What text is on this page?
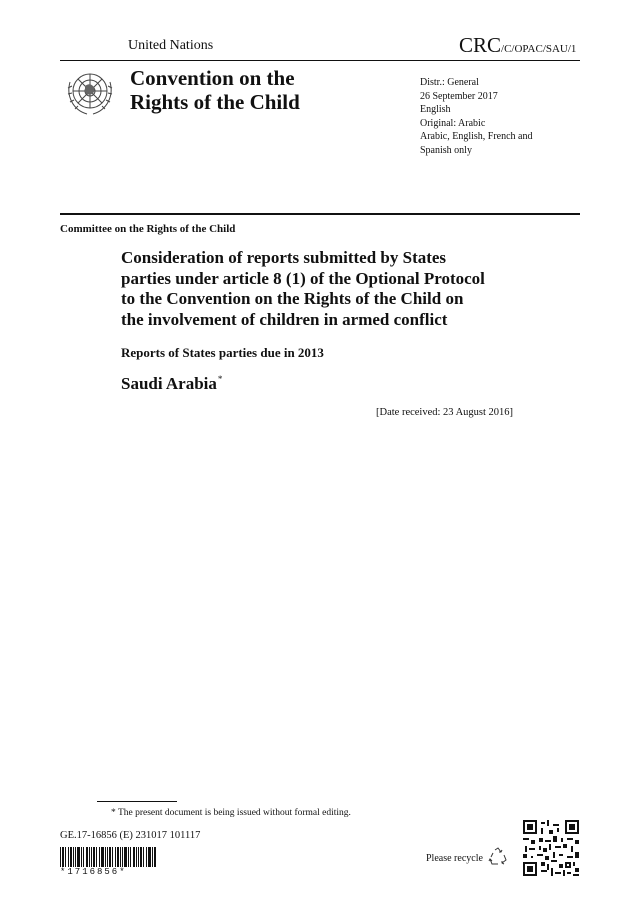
United Nations	CRC/C/OPAC/SAU/1
Convention on the
Rights of the Child
Distr.: General
26 September 2017
English
Original: Arabic
Arabic, English, French and
Spanish only
Committee on the Rights of the Child
Consideration of reports submitted by States
parties under article 8 (1) of the Optional Protocol
to the Convention on the Rights of the Child on
the involvement of children in armed conflict
Reports of States parties due in 2013
Saudi Arabia*
[Date received: 23 August 2016]
* The present document is being issued without formal editing.
GE.17-16856 (E) 231017 101117
*1716856*
Please recycle
